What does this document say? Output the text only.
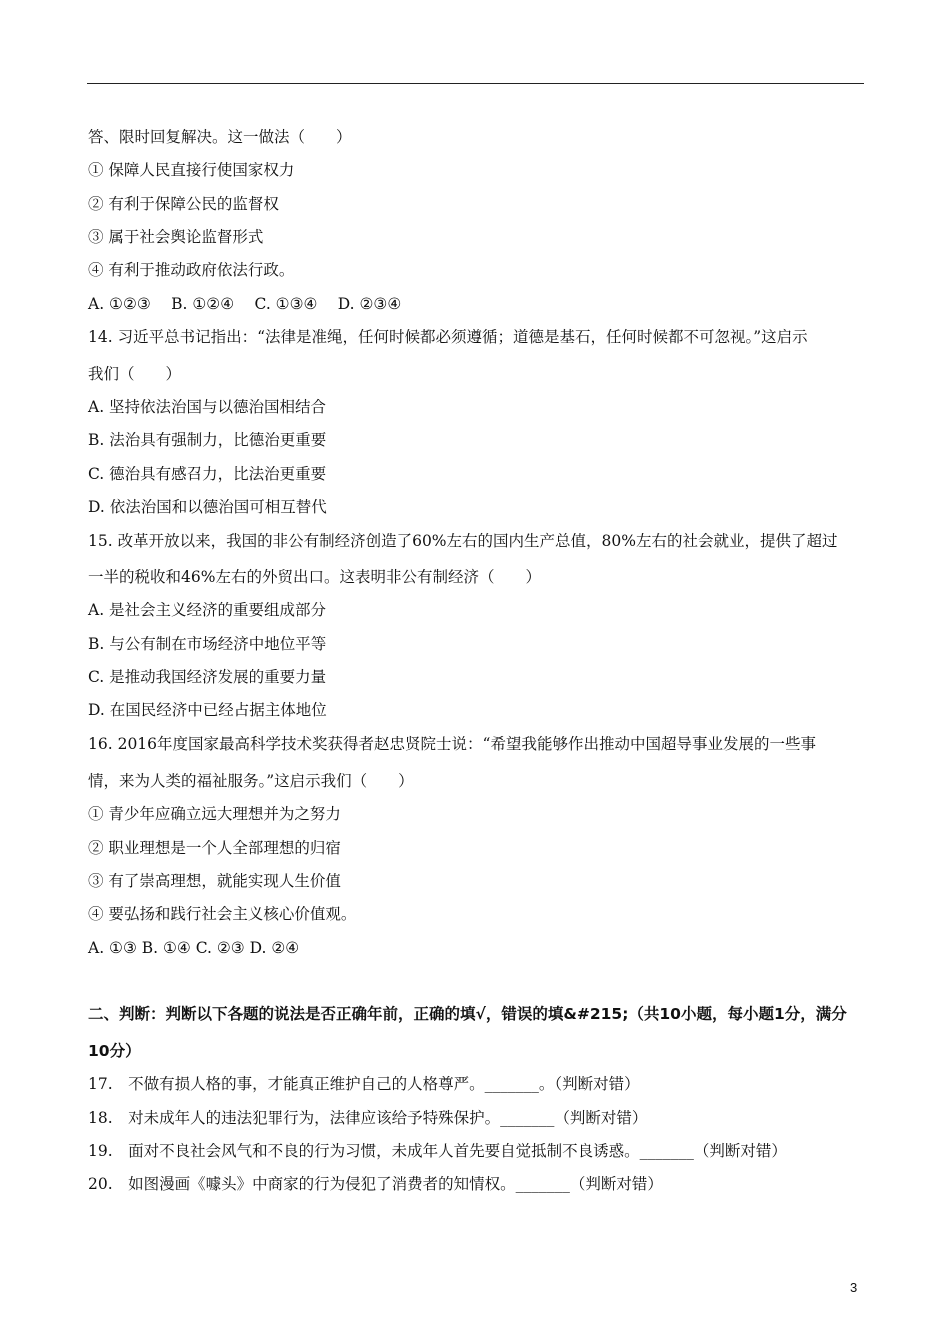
答、限时回复解决。这一做法（　　）
① 保障人民直接行使国家权力
② 有利于保障公民的监督权
③ 属于社会舆论监督形式
④ 有利于推动政府依法行政。
A. ①②③　 B. ①②④　 C. ①③④　 D. ②③④
14. 习近平总书记指出：“法律是准绳，任何时候都必须遵循；道德是基石，任何时候都不可忽视。”这启示
我们（　　）
A. 坚持依法治国与以德治国相结合
B. 法治具有强制力，比德治更重要
C. 德治具有感召力，比法治更重要
D. 依法治国和以德治国可相互替代
15. 改革开放以来，我国的非公有制经济创造了60%左右的国内生产总值，80%左右的社会就业，提供了超过
一半的税收和46%左右的外贸出口。这表明非公有制经济（　　）
A. 是社会主义经济的重要组成部分
B. 与公有制在市场经济中地位平等
C. 是推动我国经济发展的重要力量
D. 在国民经济中已经占据主体地位
16. 2016年度国家最高科学技术奖获得者赵忠贤院士说：“希望我能够作出推动中国超导事业发展的一些事
情，来为人类的福祉服务。”这启示我们（　　）
① 青少年应确立远大理想并为之努力
② 职业理想是一个人全部理想的归宿
③ 有了崇高理想，就能实现人生价值
④ 要弘扬和践行社会主义核心价值观。
A. ①③ B. ①④ C. ②③ D. ②④
二、判断：判断以下各题的说法是否正确年前，正确的填√，错误的填&#215;（共10小题，每小题1分，满分
10分）
17.　不做有损人格的事，才能真正维护自己的人格尊严。_______。（判断对错）
18.　对未成年人的违法犯罪行为，法律应该给予特殊保护。_______（判断对错）
19.　面对不良社会风气和不良的行为习惯，未成年人首先要自觉抵制不良诱惑。_______（判断对错）
20.　如图漫画《噱头》中商家的行为侵犯了消费者的知情权。_______（判断对错）
3
